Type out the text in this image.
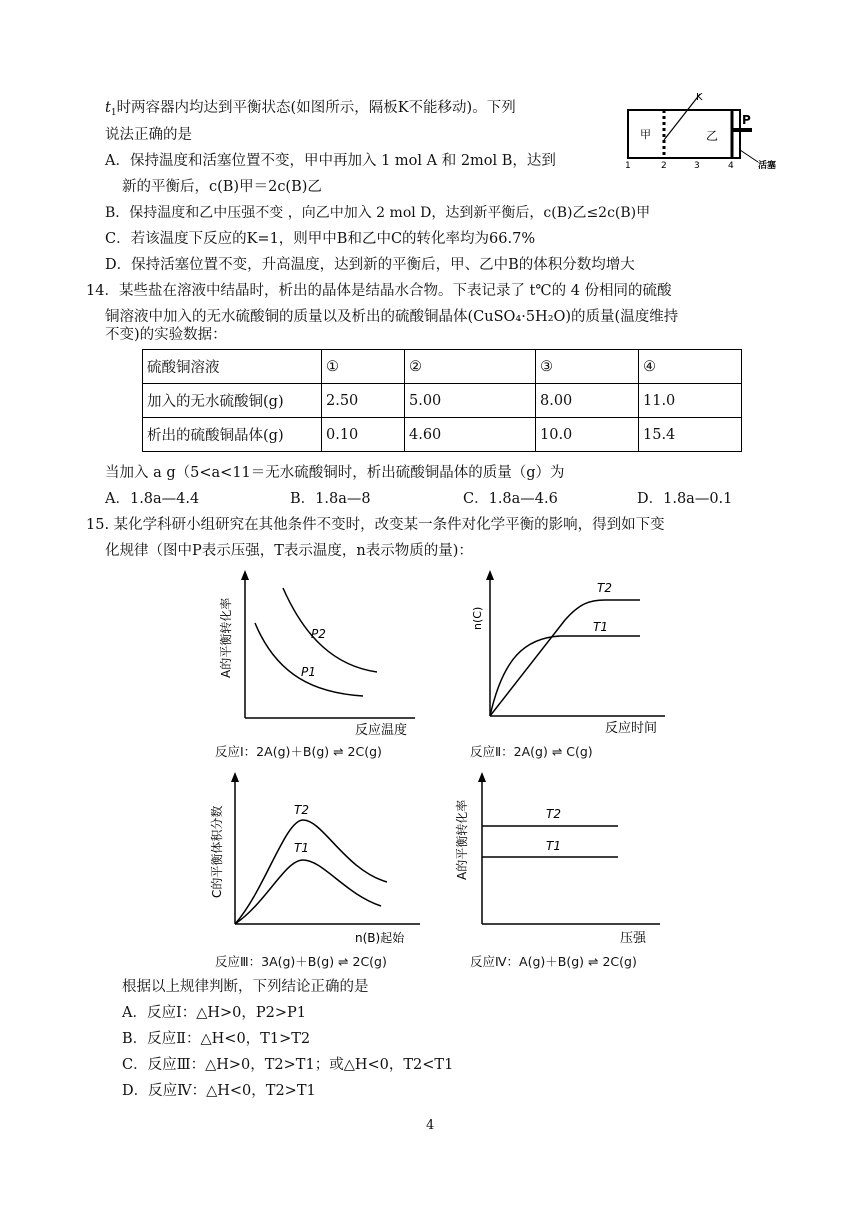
$t_1$时两容器内均达到平衡状态(如图所示，隔板K不能移动)。下列
说法正确的是
A．保持温度和活塞位置不变，甲中再加入 1 mol A 和 2mol B，达到
新的平衡后，c(B)甲＝2c(B)乙
B．保持温度和乙中压强不变 ，向乙中加入 2 mol D，达到新平衡后，c(B)乙≤2c(B)甲
C．若该温度下反应的K=1，则甲中B和乙中C的转化率均为66.7%
D．保持活塞位置不变，升高温度，达到新的平衡后，甲、乙中B的体积分数均增大
K
甲	乙
P
1	2	3	4	活塞
14．某些盐在溶液中结晶时，析出的晶体是结晶水合物。下表记录了 t℃的 4 份相同的硫酸
铜溶液中加入的无水硫酸铜的质量以及析出的硫酸铜晶体(CuSO₄·5H₂O)的质量(温度维持
不变)的实验数据：
硫酸铜溶液	①	②	③	④
加入的无水硫酸铜(g)	2.50	5.00	8.00	11.0
析出的硫酸铜晶体(g)	0.10	4.60	10.0	15.4
当加入 a g（5<a<11＝无水硫酸铜时，析出硫酸铜晶体的质量（g）为
A．1.8a—4.4	B．1.8a—8	C．1.8a—4.6	D．1.8a—0.1
15. 某化学科研小组研究在其他条件不变时，改变某一条件对化学平衡的影响，得到如下变
化规律（图中P表示压强，T表示温度，n表示物质的量)：
P2
P1
A的平衡转化率
反应温度
反应Ⅰ：2A(g)＋B(g) ⇌ 2C(g)
T2
T1
n(C)
反应时间
反应Ⅱ：2A(g) ⇌ C(g)
T2
T1
C的平衡体积分数
n(B)起始
反应Ⅲ：3A(g)＋B(g) ⇌ 2C(g)
T2
T1
A的平衡转化率
压强
反应Ⅳ：A(g)＋B(g) ⇌ 2C(g)
根据以上规律判断，下列结论正确的是
A．反应Ⅰ：△H>0，P2>P1
B．反应Ⅱ：△H<0，T1>T2
C．反应Ⅲ：△H>0，T2>T1；或△H<0，T2<T1
D．反应Ⅳ：△H<0，T2>T1
4
